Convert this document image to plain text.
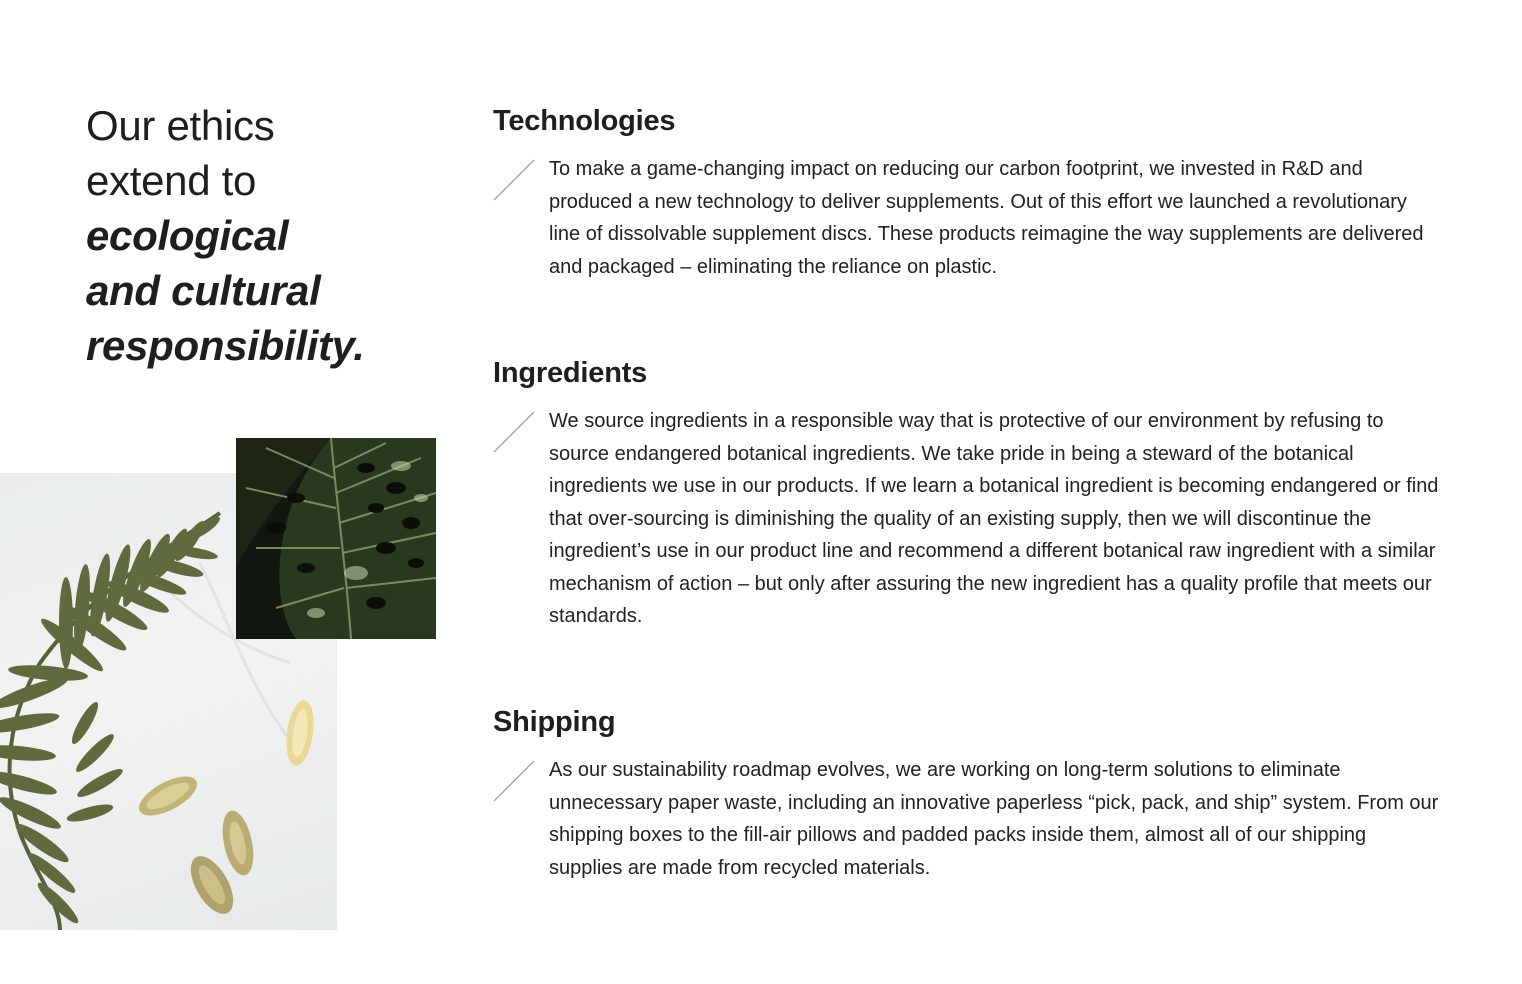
Our ethics
extend to
ecological
and cultural
responsibility.
Technologies

To make a game-changing impact on reducing our carbon footprint, we invested in R&D and produced a new technology to deliver supplements. Out of this effort we launched a revolutionary line of dissolvable supplement discs. These products reimagine the way supplements are delivered and packaged – eliminating the reliance on plastic.

Ingredients

We source ingredients in a responsible way that is protective of our environment by refusing to source endangered botanical ingredients. We take pride in being a steward of the botanical ingredients we use in our products. If we learn a botanical ingredient is becoming endangered or find that over-sourcing is diminishing the quality of an existing supply, then we will discontinue the ingredient’s use in our product line and recommend a different botanical raw ingredient with a similar mechanism of action – but only after assuring the new ingredient has a quality profile that meets our standards.

Shipping

As our sustainability roadmap evolves, we are working on long-term solutions to eliminate unnecessary paper waste, including an innovative paperless “pick, pack, and ship” system. From our shipping boxes to the fill-air pillows and padded packs inside them, almost all of our shipping supplies are made from recycled materials.
